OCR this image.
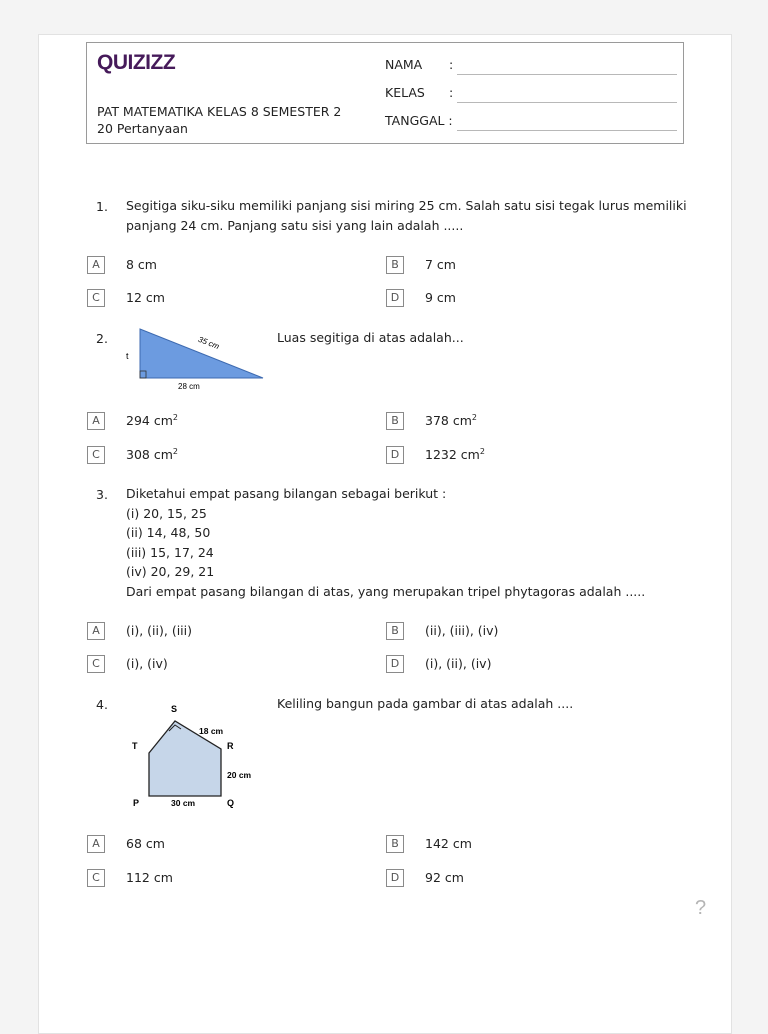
QUIZIZZ
PAT MATEMATIKA KELAS 8 SEMESTER 2
20 Pertanyaan
NAMA :
KELAS :
TANGGAL :
1. Segitiga siku-siku memiliki panjang sisi miring 25 cm. Salah satu sisi tegak lurus memiliki
panjang 24 cm. Panjang satu sisi yang lain adalah .....
A	8 cm	B	7 cm
C	12 cm	D	9 cm
2.	35 cm
t
28 cm
Luas segitiga di atas adalah...
A	294 $cm^2$	B	378 $cm^2$
C	308 $cm^2$	D	1232 $cm^2$
3. Diketahui empat pasang bilangan sebagai berikut :
(i) 20, 15, 25
(ii) 14, 48, 50
(iii) 15, 17, 24
(iv) 20, 29, 21
Dari empat pasang bilangan di atas, yang merupakan tripel phytagoras adalah .....
A	(i), (ii), (iii)	B	(ii), (iii), (iv)
C	(i), (iv)	D	(i), (ii), (iv)
4.	S
T	R
P	Q
18 cm
20 cm
30 cm
Keliling bangun pada gambar di atas adalah ....
A	68 cm	B	142 cm
C	112 cm	D	92 cm
?
